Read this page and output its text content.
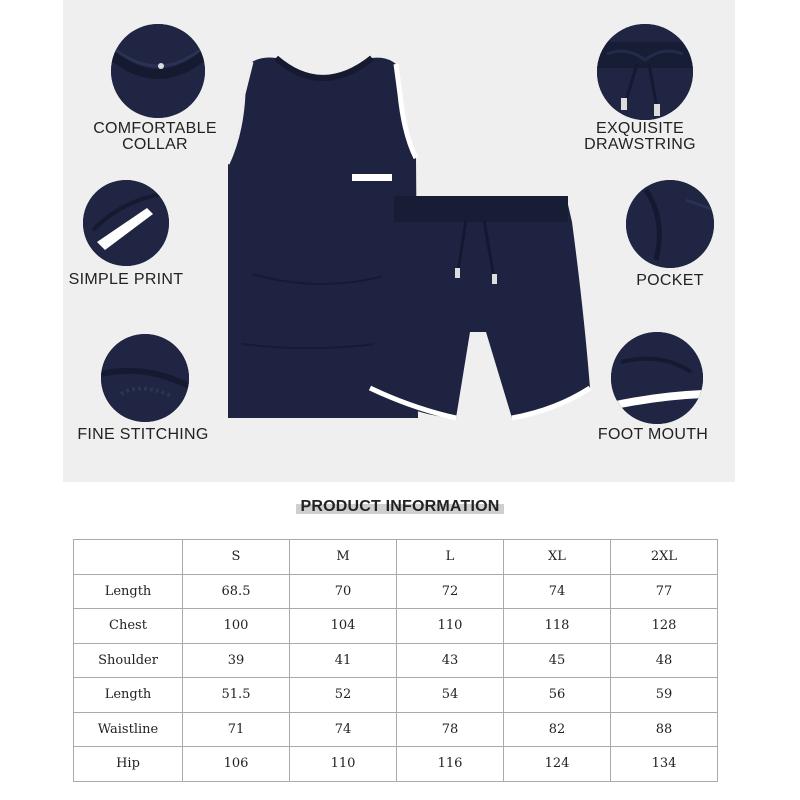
COMFORTABLE
COLLAR
SIMPLE PRINT
FINE STITCHING
EXQUISITE
DRAWSTRING
POCKET
FOOT MOUTH
PRODUCT INFORMATION
	S	M	L	XL	2XL
Length	68.5	70	72	74	77
Chest	100	104	110	118	128
Shoulder	39	41	43	45	48
Length	51.5	52	54	56	59
Waistline	71	74	78	82	88
Hip	106	110	116	124	134
